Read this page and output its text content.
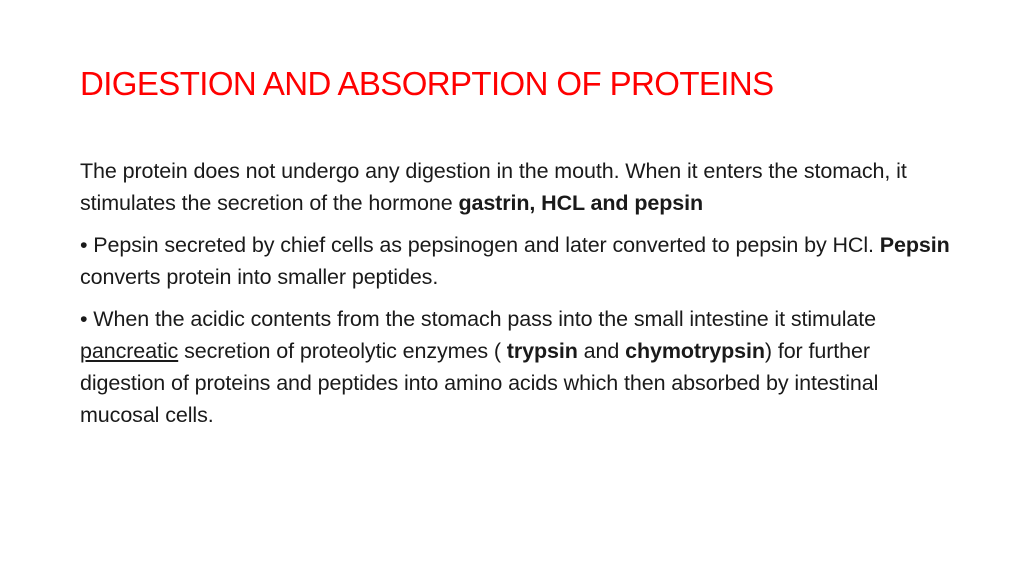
DIGESTION AND ABSORPTION OF PROTEINS

The protein does not undergo any digestion in the mouth. When it enters the stomach, it stimulates the secretion of the hormone gastrin, HCL and pepsin

• Pepsin secreted by chief cells as pepsinogen and later converted to pepsin by HCl. Pepsin converts protein into smaller peptides.

• When the acidic contents from the stomach pass into the small intestine it stimulate pancreatic secretion of proteolytic enzymes ( trypsin and chymotrypsin) for further digestion of proteins and peptides into amino acids which then absorbed by intestinal mucosal cells.
